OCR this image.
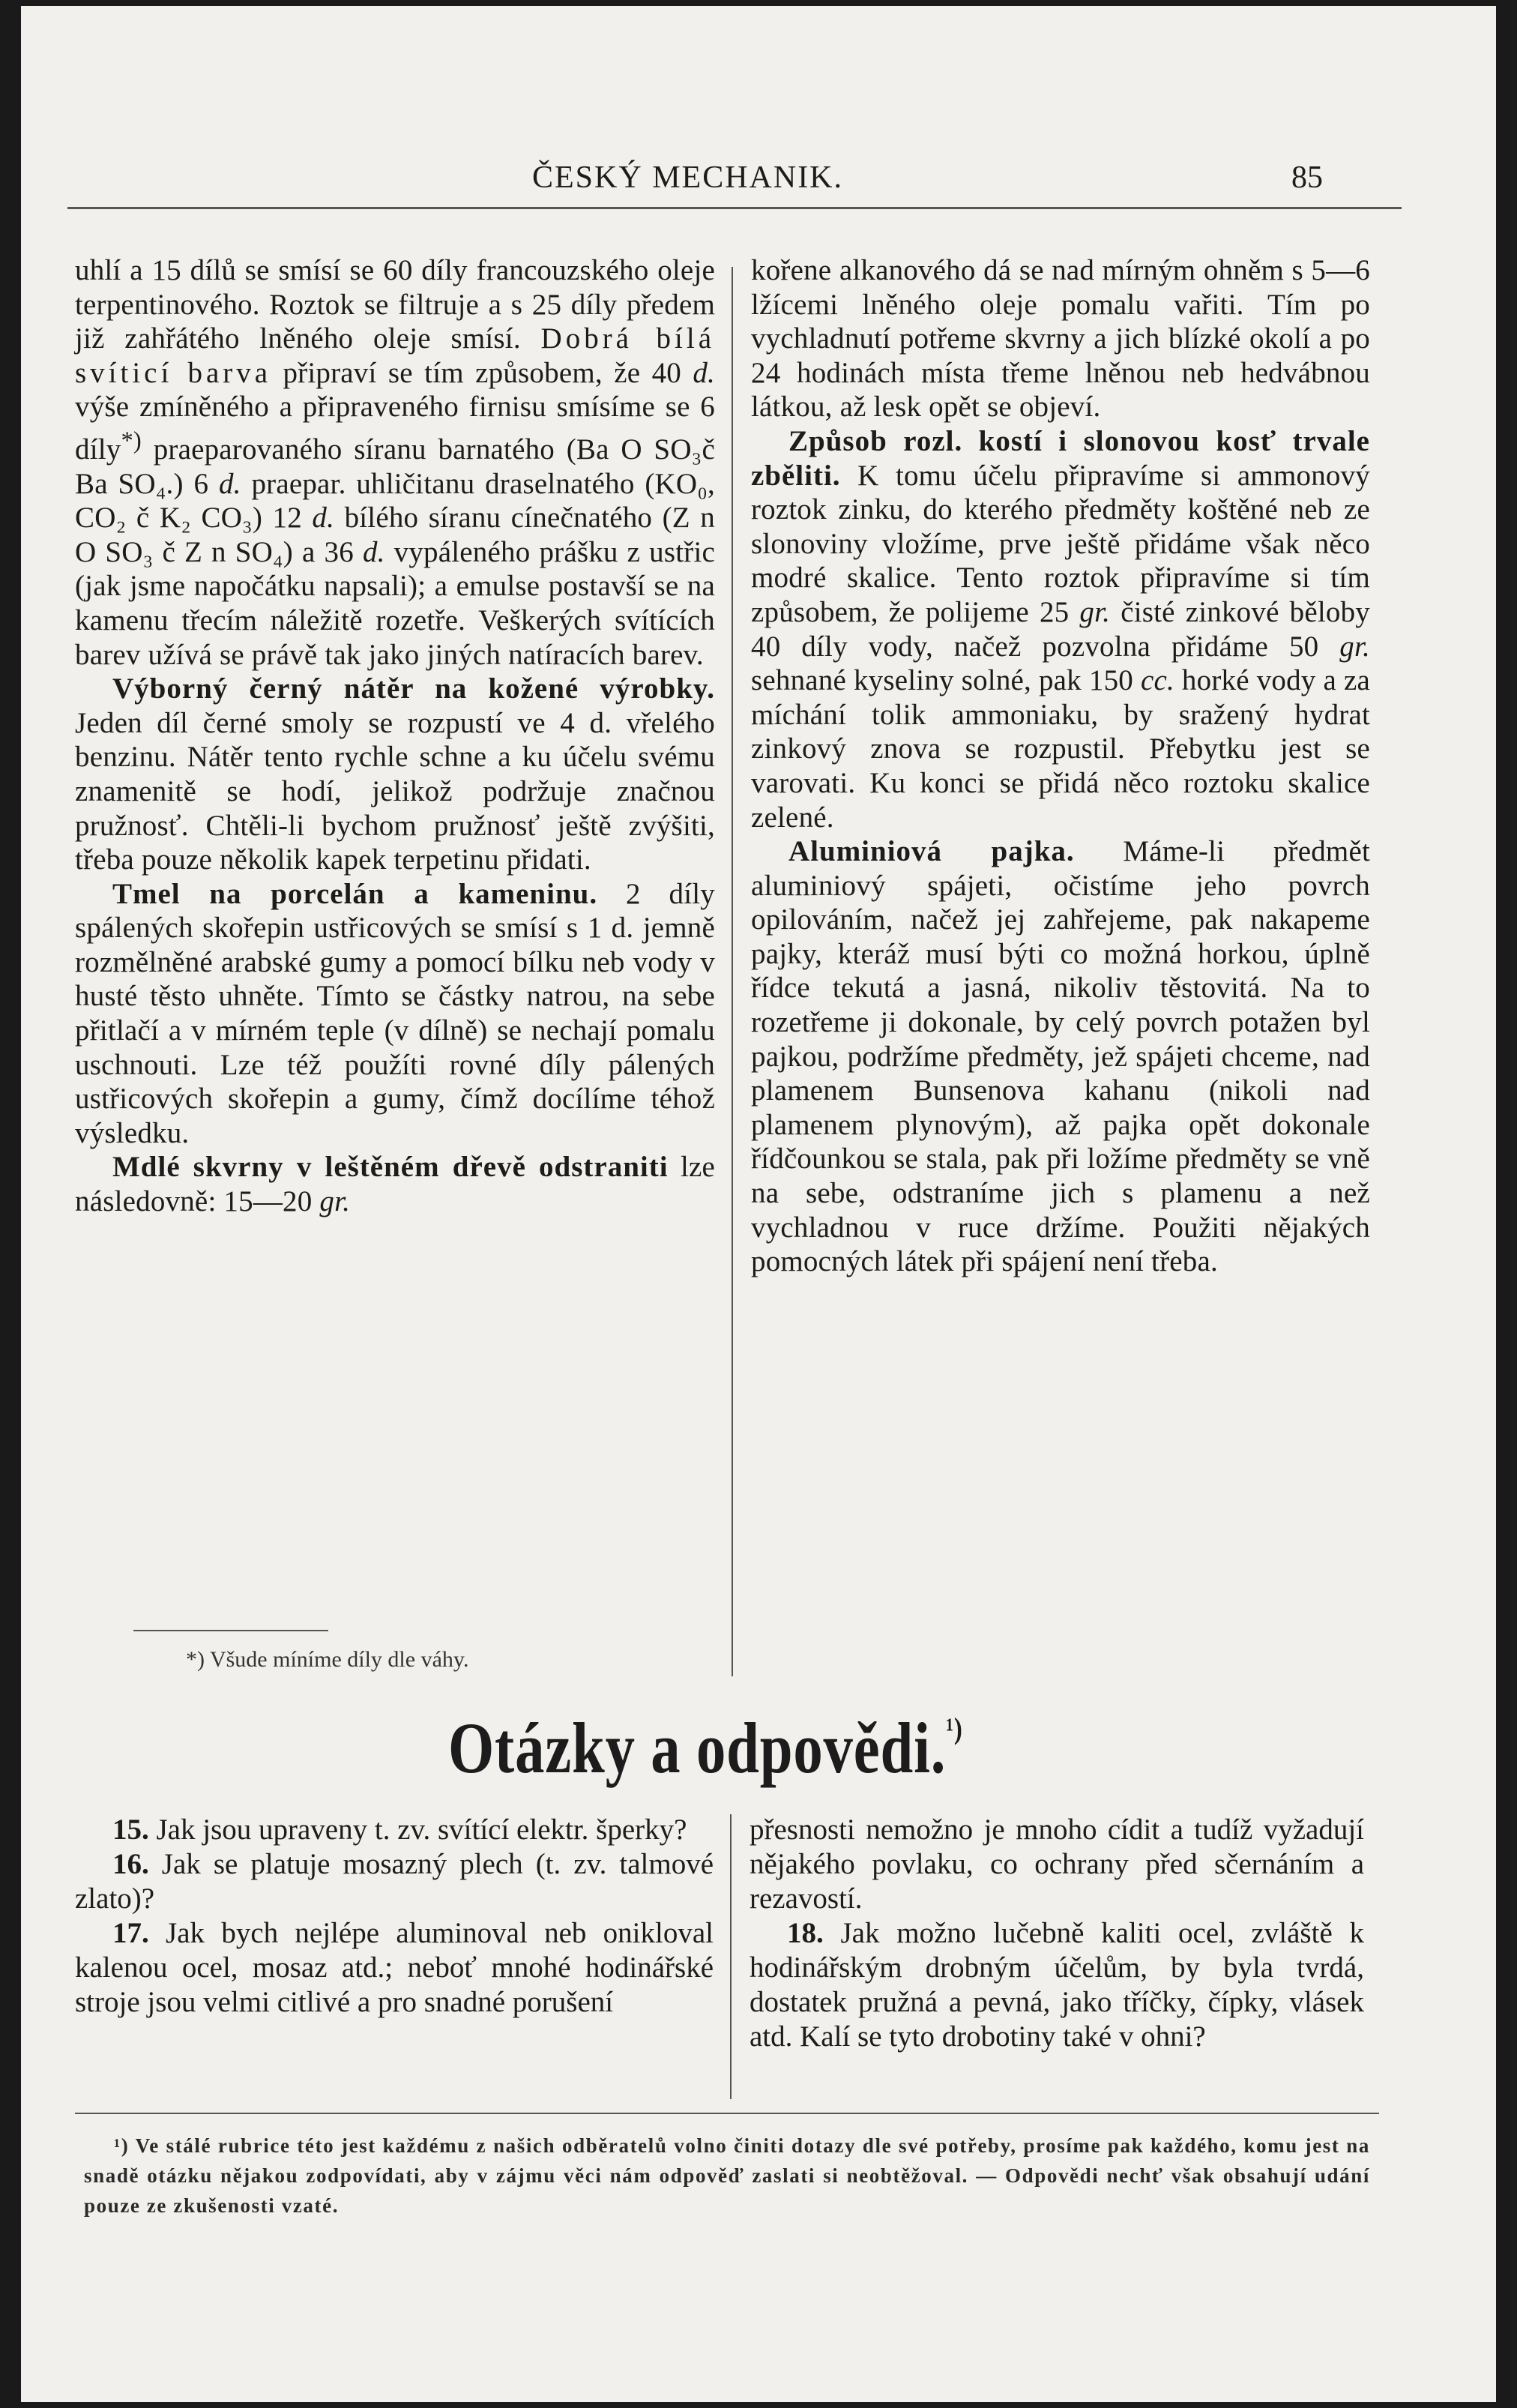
ČESKÝ MECHANIK.	85

uhlí a 15 dílů se smísí se 60 díly francouzského oleje terpentinového. Roztok se filtruje a s 25 díly předem již zahřátého lněného oleje smísí. Dobrá bílá svíticí barva připraví se tím způsobem, že 40 d. výše zmíněného a připraveného firnisu smísíme se 6 díly*) praeparovaného síranu barnatého (Ba O SO₃č Ba SO₄.) 6 d. praepar. uhličitanu draselnatého (KO₀, CO₂ č K₂ CO₃) 12 d. bílého síranu cínečnatého (Z n O SO₃ č Z n SO₄) a 36 d. vypáleného prášku z ustřic (jak jsme napočátku napsali); a emulse postavší se na kamenu třecím náležitě rozetře. Veškerých svítících barev užívá se právě tak jako jiných natíracích barev.

Výborný černý nátěr na kožené výrobky. Jeden díl černé smoly se rozpustí ve 4 d. vřelého benzinu. Nátěr tento rychle schne a ku účelu svému znamenitě se hodí, jelikož podržuje značnou pružnosť. Chtěli-li bychom pružnosť ještě zvýšiti, třeba pouze několik kapek terpetinu přidati.

Tmel na porcelán a kameninu. 2 díly spálených skořepin ustřicových se smísí s 1 d. jemně rozmělněné arabské gumy a pomocí bílku neb vody v husté těsto uhněte. Tímto se částky natrou, na sebe přitlačí a v mírném teple (v dílně) se nechají pomalu uschnouti. Lze též použíti rovné díly pálených ustřicových skořepin a gumy, čímž docílíme téhož výsledku.

Mdlé skvrny v leštěném dřevě odstraniti lze následovně: 15—20 gr.

*) Všude míníme díly dle váhy.

kořene alkanového dá se nad mírným ohněm s 5—6 lžícemi lněného oleje pomalu vařiti. Tím po vychladnutí potřeme skvrny a jich blízké okolí a po 24 hodinách místa třeme lněnou neb hedvábnou látkou, až lesk opět se objeví.

Způsob rozl. kostí i slonovou kosť trvale zběliti. K tomu účelu připravíme si ammonový roztok zinku, do kterého předměty koštěné neb ze slonoviny vložíme, prve ještě přidáme však něco modré skalice. Tento roztok připravíme si tím způsobem, že polijeme 25 gr. čisté zinkové běloby 40 díly vody, načež pozvolna přidáme 50 gr. sehnané kyseliny solné, pak 150 cc. horké vody a za míchání tolik ammoniaku, by sražený hydrat zinkový znova se rozpustil. Přebytku jest se varovati. Ku konci se přidá něco roztoku skalice zelené.

Aluminiová pajka. Máme-li předmět aluminiový spájeti, očistíme jeho povrch opilováním, načež jej zahřejeme, pak nakapeme pajky, kteráž musí býti co možná horkou, úplně řídce tekutá a jasná, nikoliv těstovitá. Na to rozetřeme ji dokonale, by celý povrch potažen byl pajkou, podržíme předměty, jež spájeti chceme, nad plamenem Bunsenova kahanu (nikoli nad plamenem plynovým), až pajka opět dokonale řídčounkou se stala, pak při ložíme předměty se vně na sebe, odstraníme jich s plamenu a než vychladnou v ruce držíme. Použiti nějakých pomocných látek při spájení není třeba.

Otázky a odpovědi.$^{^1)}$

15. Jak jsou upraveny t. zv. svítící elektr. šperky?

16. Jak se platuje mosazný plech (t. zv. talmové zlato)?

17. Jak bych nejlépe aluminoval neb onikloval kalenou ocel, mosaz atd.; neboť mnohé hodinářské stroje jsou velmi citlivé a pro snadné porušení

přesnosti nemožno je mnoho cídit a tudíž vyžadují nějakého povlaku, co ochrany před sčernáním a rezavostí.

18. Jak možno lučebně kaliti ocel, zvláště k hodinářským drobným účelům, by byla tvrdá, dostatek pružná a pevná, jako tříčky, čípky, vlásek atd. Kalí se tyto drobotiny také v ohni?

¹) Ve stálé rubrice této jest každému z našich odběratelů volno činiti dotazy dle své potřeby, prosíme pak každého, komu jest na snadě otázku nějakou zodpovídati, aby v zájmu věci nám odpověď zaslati si neobtěžoval. — Odpovědi nechť však obsahují udání pouze ze zkušenosti vzaté.
